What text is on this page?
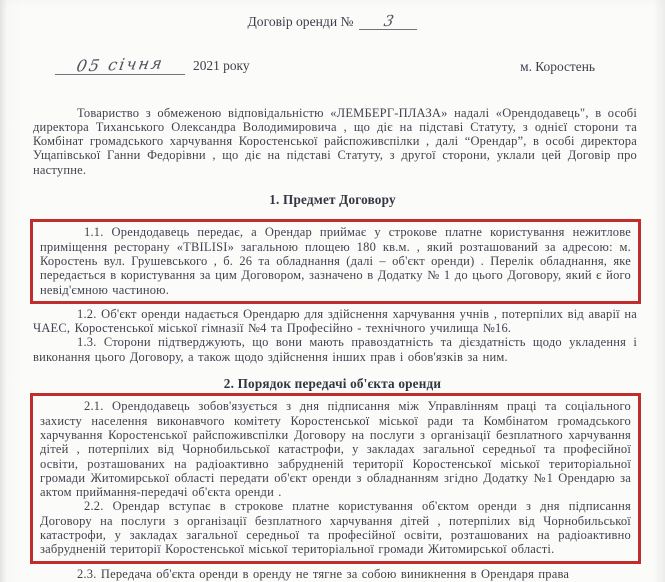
Договір оренди № 3
05 січня 2021 року	м. Коростень

Товариство з обмеженою відповідальністю «ЛЕМБЕРГ-ПЛАЗА» надалі «Орендодавець", в особі директора Тиханського Олександра Володимировича , що діє на підставі Статуту, з однієї сторони та Комбінат громадського харчування Коростенської райспоживспілки , далі “Орендар”, в особі директора Ущапівської Ганни Федорівни , що діє на підставі Статуту, з другої сторони, уклали цей Договір про наступне.

1. Предмет Договору

1.1. Орендодавець передає, а Орендар приймає у строкове платне користування нежитлове приміщення ресторану «TBILISI» загальною площею 180 кв.м. , який розташований за адресою: м. Коростень вул. Грушевського , б. 26 та обладнання (далі – об'єкт оренди) . Перелік обладнання, яке передається в користування за цим Договором, зазначено в Додатку № 1 до цього Договору, який є його невід'ємною частиною.

1.2. Об'єкт оренди надається Орендарю для здійснення харчування учнів , потерпілих від аварії на ЧАЕС, Коростенської міської гімназії №4 та Професійно - технічного училища №16.

1.3. Сторони підтверджують, що вони мають правоздатність та дієздатність щодо укладення і виконання цього Договору, а також щодо здійснення інших прав і обов'язків за ним.

2. Порядок передачі об'єкта оренди

2.1. Орендодавець зобов'язується з дня підписання між Управлінням праці та соціального захисту населення виконавчого комітету Коростенської міської ради та Комбінатом громадського харчування Коростенської райспоживспілки Договору на послуги з організації безплатного харчування дітей , потерпілих від Чорнобильської катастрофи, у закладах загальної середньої та професійної освіти, розташованих на радіоактивно забрудненій території Коростенської міської територіальної громади Житомирської області передати об'єкт оренди з обладнанням згідно Додатку №1 Орендарю за актом приймання-передачі об'єкта оренди .

2.2. Орендар вступає в строкове платне користування об'єктом оренди з дня підписання Договору на послуги з організації безплатного харчування дітей , потерпілих від Чорнобильської катастрофи, у закладах загальної середньої та професійної освіти, розташованих на радіоактивно забрудненій території Коростенської міської територіальної громади Житомирської області.

2.3. Передача об'єкта оренди в оренду не тягне за собою виникнення в Орендаря права
